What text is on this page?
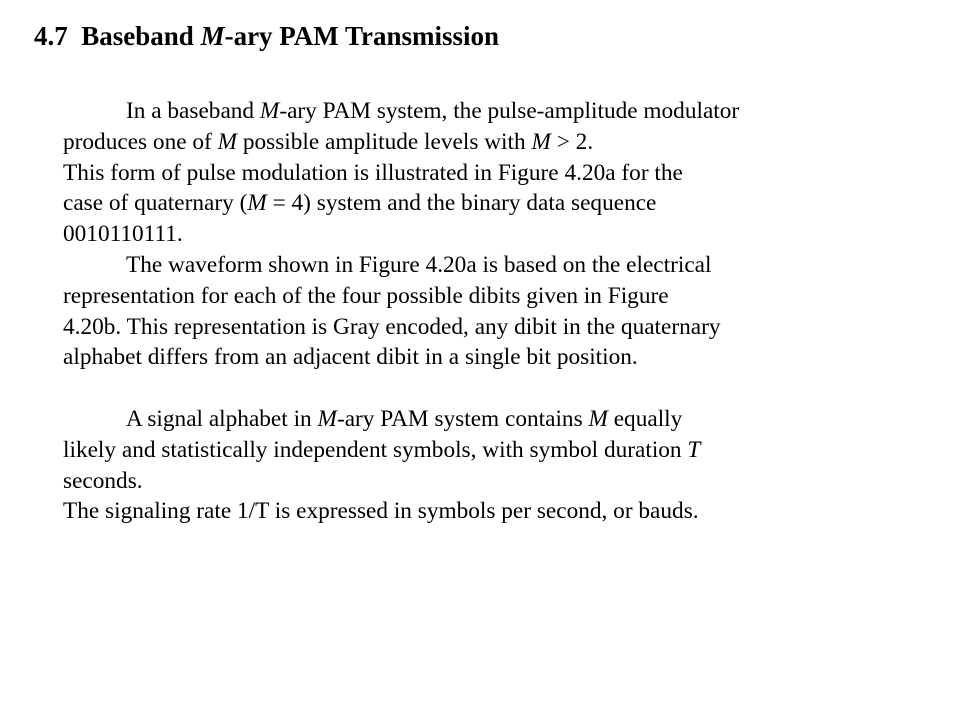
4.7 Baseband M-ary PAM Transmission
In a baseband M-ary PAM system, the pulse-amplitude modulator
produces one of M possible amplitude levels with M > 2.
This form of pulse modulation is illustrated in Figure 4.20a for the
case of quaternary (M = 4) system and the binary data sequence
0010110111.
The waveform shown in Figure 4.20a is based on the electrical
representation for each of the four possible dibits given in Figure
4.20b. This representation is Gray encoded, any dibit in the quaternary
alphabet differs from an adjacent dibit in a single bit position.
A signal alphabet in M-ary PAM system contains M equally
likely and statistically independent symbols, with symbol duration T
seconds.
The signaling rate 1/T is expressed in symbols per second, or bauds.
